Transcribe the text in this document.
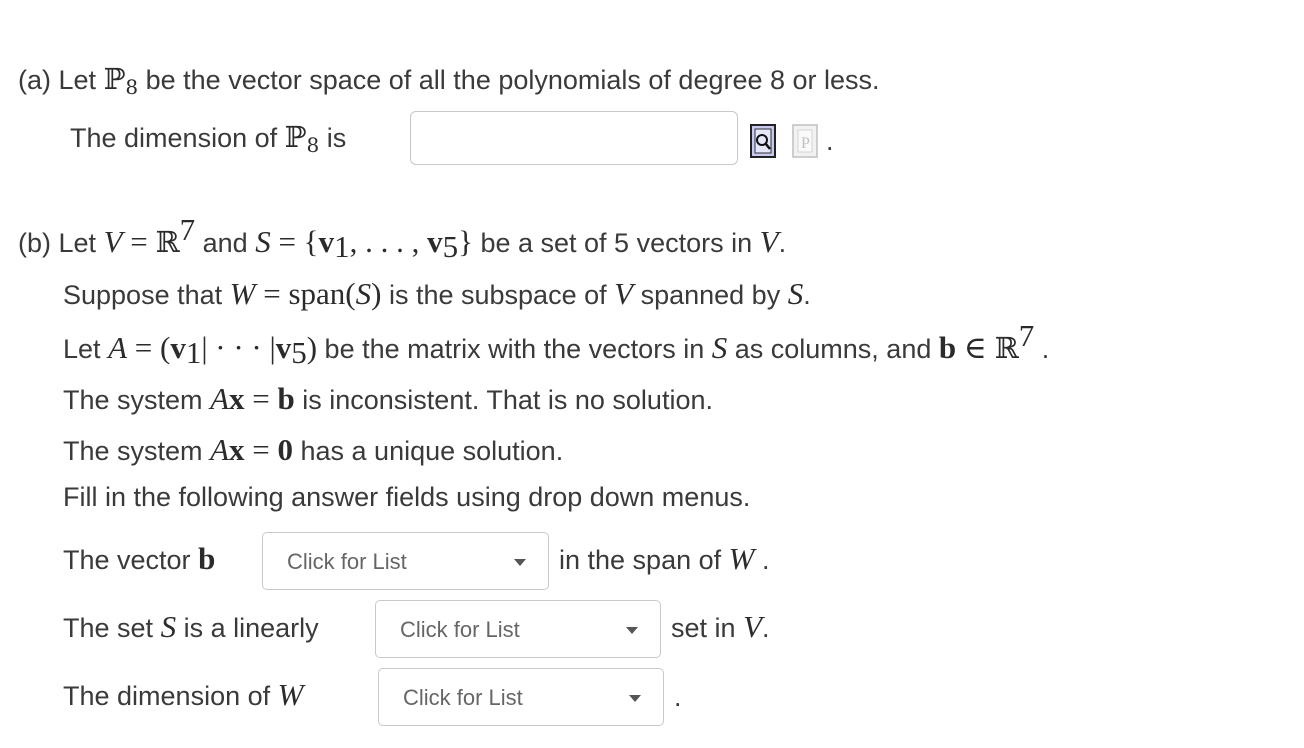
(a) Let ℙ$_8$ be the vector space of all the polynomials of degree 8 or less.
The dimension of ℙ$_8$ is	P .
(b) Let V = ℝ$^7$ and $S = \{v_1$, . . . , $v_5$} be a set of 5 vectors in V.
Suppose that W = span(S) is the subspace of V spanned by S.
Let $A = (v_1|$ · · · $|v_5$) be the matrix with the vectors in S as columns, and b ∈ ℝ$^7$ .
The system Ax = b is inconsistent. That is no solution.
The system Ax = 0 has a unique solution.
Fill in the following answer fields using drop down menus.
The vector b	Click for List	in the span of W .
The set S is a linearly	Click for List	set in V.
The dimension of W	Click for List	.
